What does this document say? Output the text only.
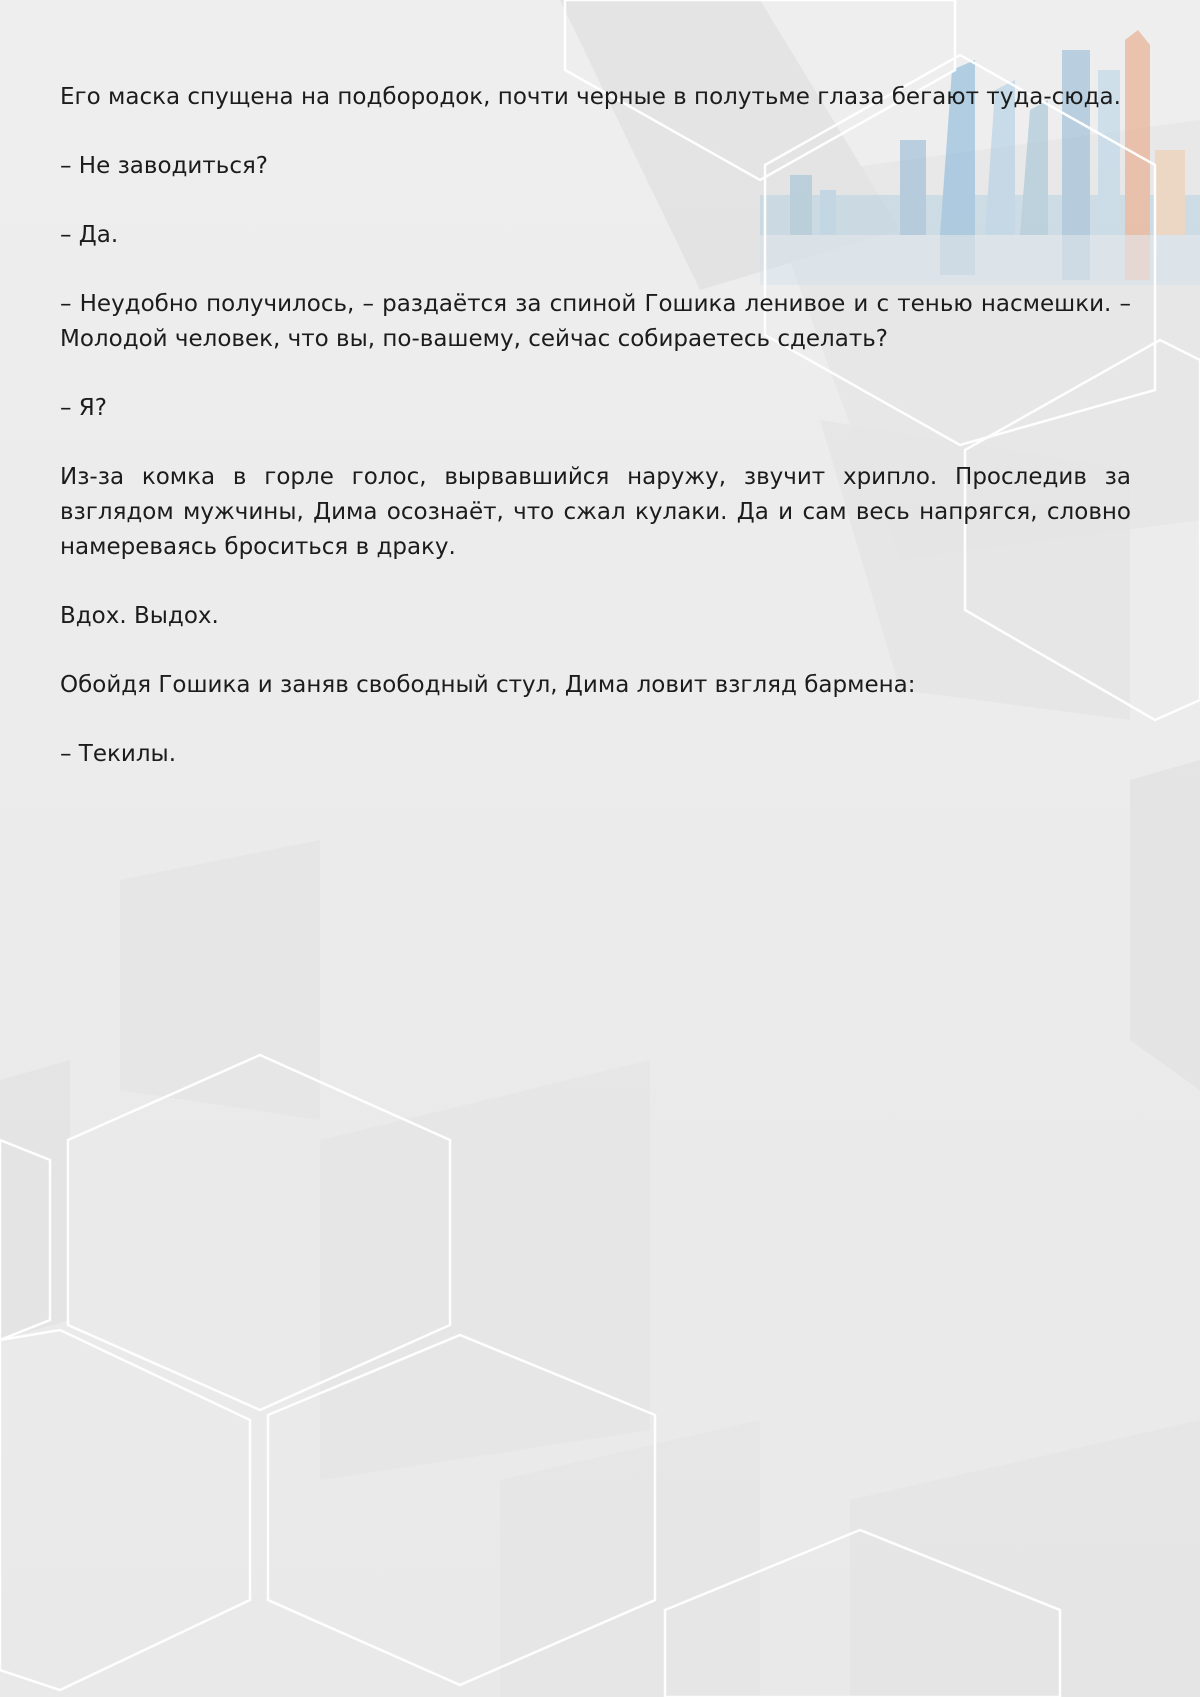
Его маска спущена на подбородок, почти черные в полутьме глаза бегают туда-сюда.

– Не заводиться?

– Да.

– Неудобно получилось, – раздаётся за спиной Гошика ленивое и с тенью насмешки. – Молодой человек, что вы, по-вашему, сейчас собираетесь сделать?

– Я?

Из-за комка в горле голос, вырвавшийся наружу, звучит хрипло. Проследив за взглядом мужчины, Дима осознаёт, что сжал кулаки. Да и сам весь напрягся, словно намереваясь броситься в драку.

Вдох. Выдох.

Обойдя Гошика и заняв свободный стул, Дима ловит взгляд бармена:

– Текилы.
